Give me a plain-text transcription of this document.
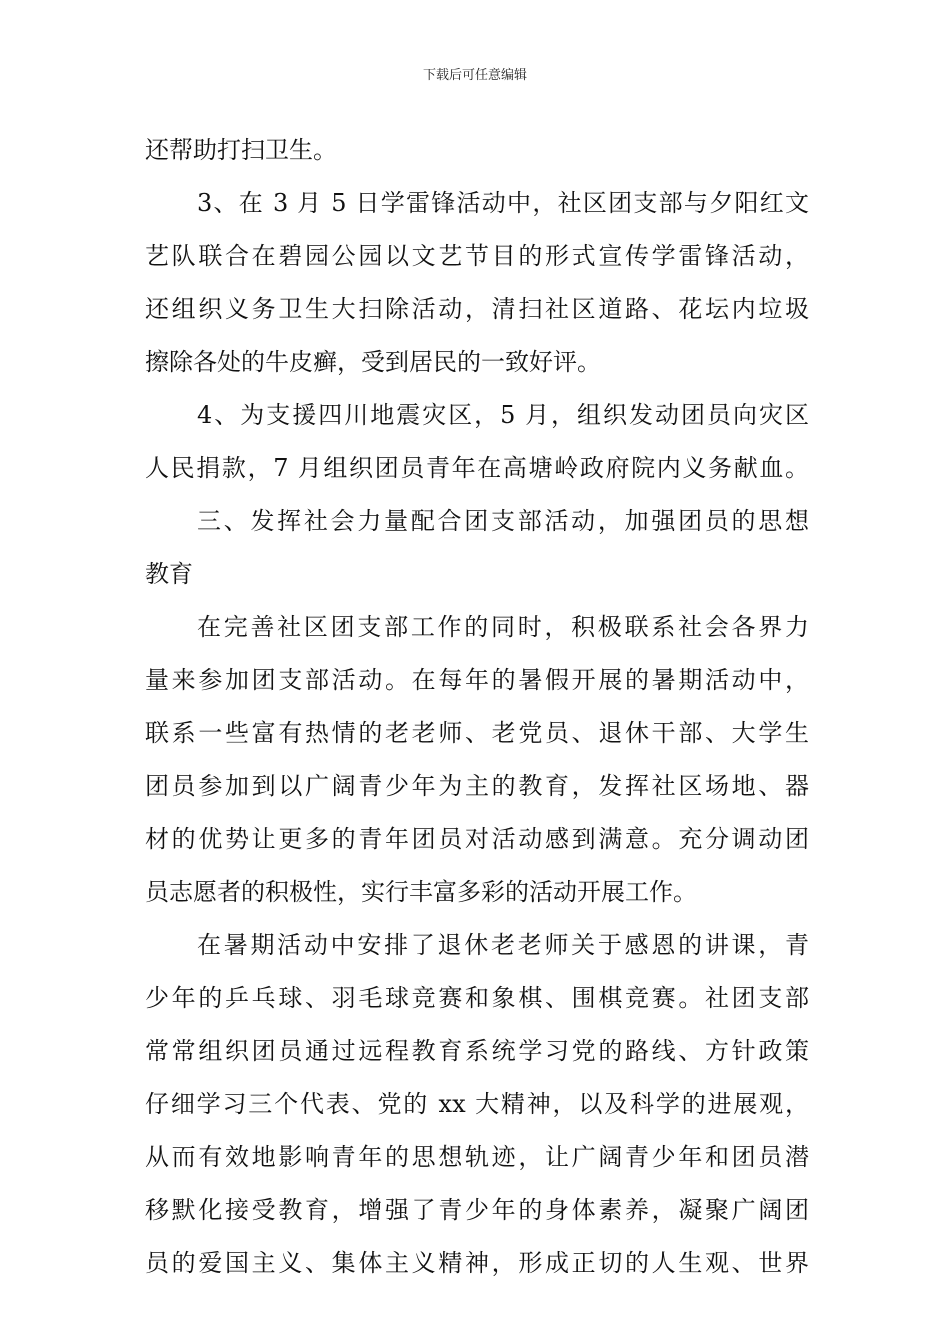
下载后可任意编辑
还帮助打扫卫生。
3、在 3 月 5 日学雷锋活动中，社区团支部与夕阳红文
艺队联合在碧园公园以文艺节目的形式宣传学雷锋活动，
还组织义务卫生大扫除活动，清扫社区道路、花坛内垃圾
擦除各处的牛皮癣，受到居民的一致好评。
4、为支援四川地震灾区，5 月，组织发动团员向灾区
人民捐款，7 月组织团员青年在高塘岭政府院内义务献血。
三、发挥社会力量配合团支部活动，加强团员的思想
教育
在完善社区团支部工作的同时，积极联系社会各界力
量来参加团支部活动。在每年的暑假开展的暑期活动中，
联系一些富有热情的老老师、老党员、退休干部、大学生
团员参加到以广阔青少年为主的教育，发挥社区场地、器
材的优势让更多的青年团员对活动感到满意。充分调动团
员志愿者的积极性，实行丰富多彩的活动开展工作。
在暑期活动中安排了退休老老师关于感恩的讲课，青
少年的乒乓球、羽毛球竞赛和象棋、围棋竞赛。社团支部
常常组织团员通过远程教育系统学习党的路线、方针政策
仔细学习三个代表、党的 xx 大精神，以及科学的进展观，
从而有效地影响青年的思想轨迹，让广阔青少年和团员潜
移默化接受教育，增强了青少年的身体素养，凝聚广阔团
员的爱国主义、集体主义精神，形成正切的人生观、世界
